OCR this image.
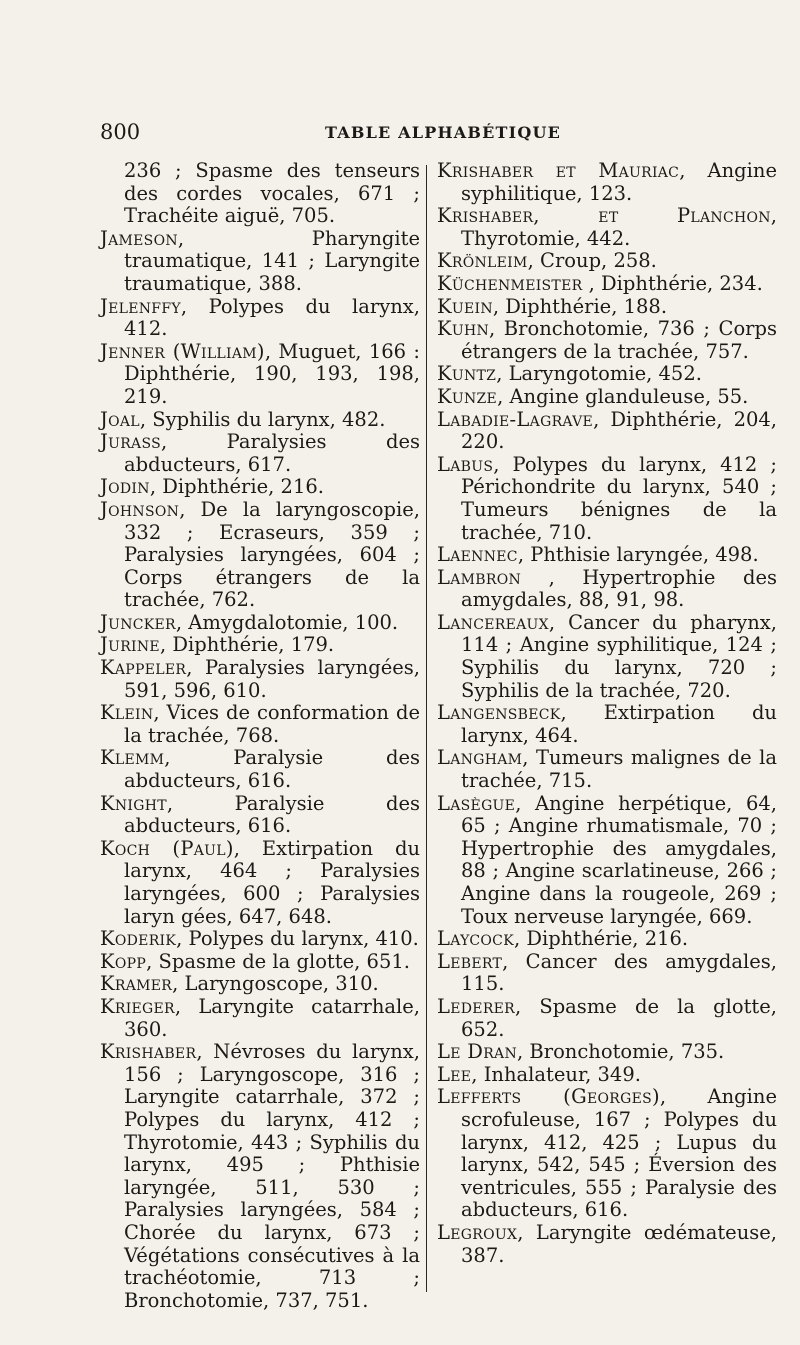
800	TABLE ALPHABÉTIQUE

236 ; Spasme des tenseurs des cordes vocales, 671 ; Trachéite aiguë, 705.

Jameson, Pharyngite traumatique, 141 ; Laryngite traumatique, 388.

Jelenffy, Polypes du larynx, 412.

Jenner (William), Muguet, 166 : Diphthérie, 190, 193, 198, 219.

Joal, Syphilis du larynx, 482.

Jurass, Paralysies des abducteurs, 617.

Jodin, Diphthérie, 216.

Johnson, De la laryngoscopie, 332 ; Ecraseurs, 359 ; Paralysies laryngées, 604 ; Corps étrangers de la trachée, 762.

Juncker, Amygdalotomie, 100.

Jurine, Diphthérie, 179.

Kappeler, Paralysies laryngées, 591, 596, 610.

Klein, Vices de conformation de la trachée, 768.

Klemm, Paralysie des abducteurs, 616.

Knight, Paralysie des abducteurs, 616.

Koch (Paul), Extirpation du larynx, 464 ; Paralysies laryngées, 600 ; Paralysies laryn gées, 647, 648.

Koderik, Polypes du larynx, 410.

Kopp, Spasme de la glotte, 651.

Kramer, Laryngoscope, 310.

Krieger, Laryngite catarrhale, 360.

Krishaber, Névroses du larynx, 156 ; Laryngoscope, 316 ; Laryngite catarrhale, 372 ; Polypes du larynx, 412 ; Thyrotomie, 443 ; Syphilis du larynx, 495 ; Phthisie laryngée, 511, 530 ; Paralysies laryngées, 584 ; Chorée du larynx, 673 ; Végétations consécutives à la trachéotomie, 713 ; Bronchotomie, 737, 751.

Krishaber et Mauriac, Angine syphilitique, 123.

Krishaber, et Planchon, Thyrotomie, 442.

Krönleim, Croup, 258.

Küchenmeister , Diphthérie, 234.

Kuein, Diphthérie, 188.

Kuhn, Bronchotomie, 736 ; Corps étrangers de la trachée, 757.

Kuntz, Laryngotomie, 452.

Kunze, Angine glanduleuse, 55.

Labadie-Lagrave, Diphthérie, 204, 220.

Labus, Polypes du larynx, 412 ; Périchondrite du larynx, 540 ; Tumeurs bénignes de la trachée, 710.

Laennec, Phthisie laryngée, 498.

Lambron , Hypertrophie des amygdales, 88, 91, 98.

Lancereaux, Cancer du pharynx, 114 ; Angine syphilitique, 124 ; Syphilis du larynx, 720 ; Syphilis de la trachée, 720.

Langensbeck, Extirpation du larynx, 464.

Langham, Tumeurs malignes de la trachée, 715.

Lasègue, Angine herpétique, 64, 65 ; Angine rhumatismale, 70 ; Hypertrophie des amygdales, 88 ; Angine scarlatineuse, 266 ; Angine dans la rougeole, 269 ; Toux nerveuse laryngée, 669.

Laycock, Diphthérie, 216.

Lebert, Cancer des amygdales, 115.

Lederer, Spasme de la glotte, 652.

Le Dran, Bronchotomie, 735.

Lee, Inhalateur, 349.

Lefferts (Georges), Angine scrofuleuse, 167 ; Polypes du larynx, 412, 425 ; Lupus du larynx, 542, 545 ; Éversion des ventricules, 555 ; Paralysie des abducteurs, 616.

Legroux, Laryngite œdémateuse, 387.
